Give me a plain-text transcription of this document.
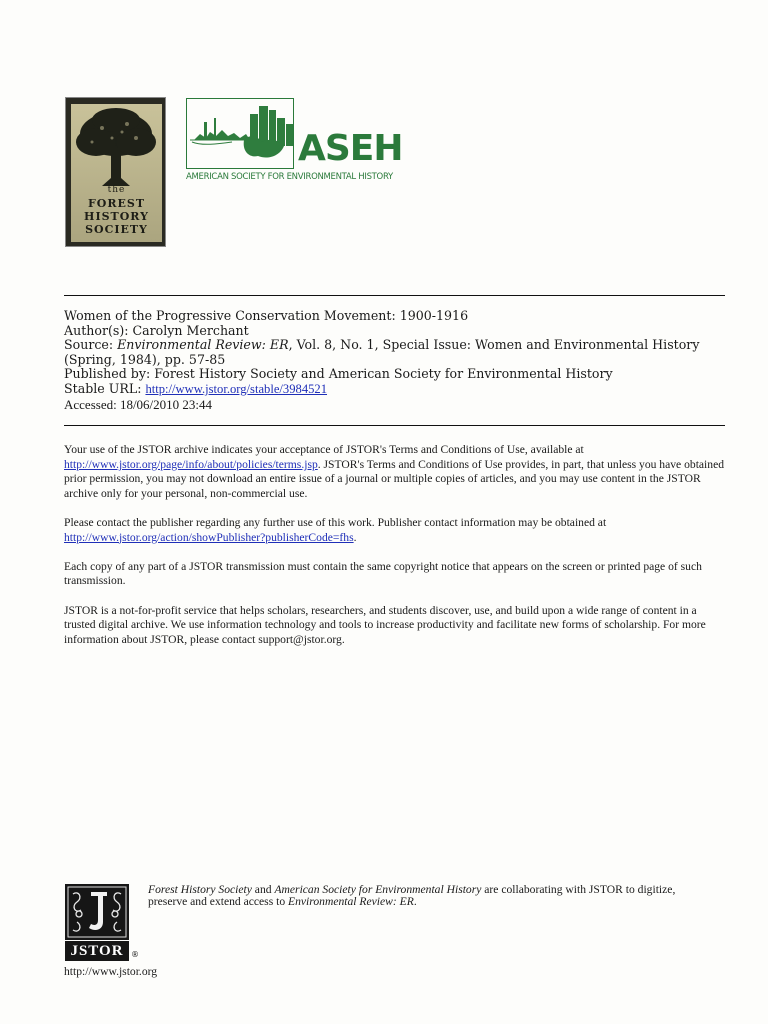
the
FOREST
HISTORY
SOCIETY
ASEH
AMERICAN SOCIETY FOR ENVIRONMENTAL HISTORY
Women of the Progressive Conservation Movement: 1900-1916
Author(s): Carolyn Merchant
Source: Environmental Review: ER, Vol. 8, No. 1, Special Issue: Women and Environmental History (Spring, 1984), pp. 57-85
Published by: Forest History Society and American Society for Environmental History
Stable URL: http://www.jstor.org/stable/3984521
Accessed: 18/06/2010 23:44

Your use of the JSTOR archive indicates your acceptance of JSTOR's Terms and Conditions of Use, available at http://www.jstor.org/page/info/about/policies/terms.jsp. JSTOR's Terms and Conditions of Use provides, in part, that unless you have obtained prior permission, you may not download an entire issue of a journal or multiple copies of articles, and you may use content in the JSTOR archive only for your personal, non-commercial use.

Please contact the publisher regarding any further use of this work. Publisher contact information may be obtained at http://www.jstor.org/action/showPublisher?publisherCode=fhs.

Each copy of any part of a JSTOR transmission must contain the same copyright notice that appears on the screen or printed page of such transmission.

JSTOR is a not-for-profit service that helps scholars, researchers, and students discover, use, and build upon a wide range of content in a trusted digital archive. We use information technology and tools to increase productivity and facilitate new forms of scholarship. For more information about JSTOR, please contact support@jstor.org.

JSTOR ®
Forest History Society and American Society for Environmental History are collaborating with JSTOR to digitize, preserve and extend access to Environmental Review: ER.
http://www.jstor.org
